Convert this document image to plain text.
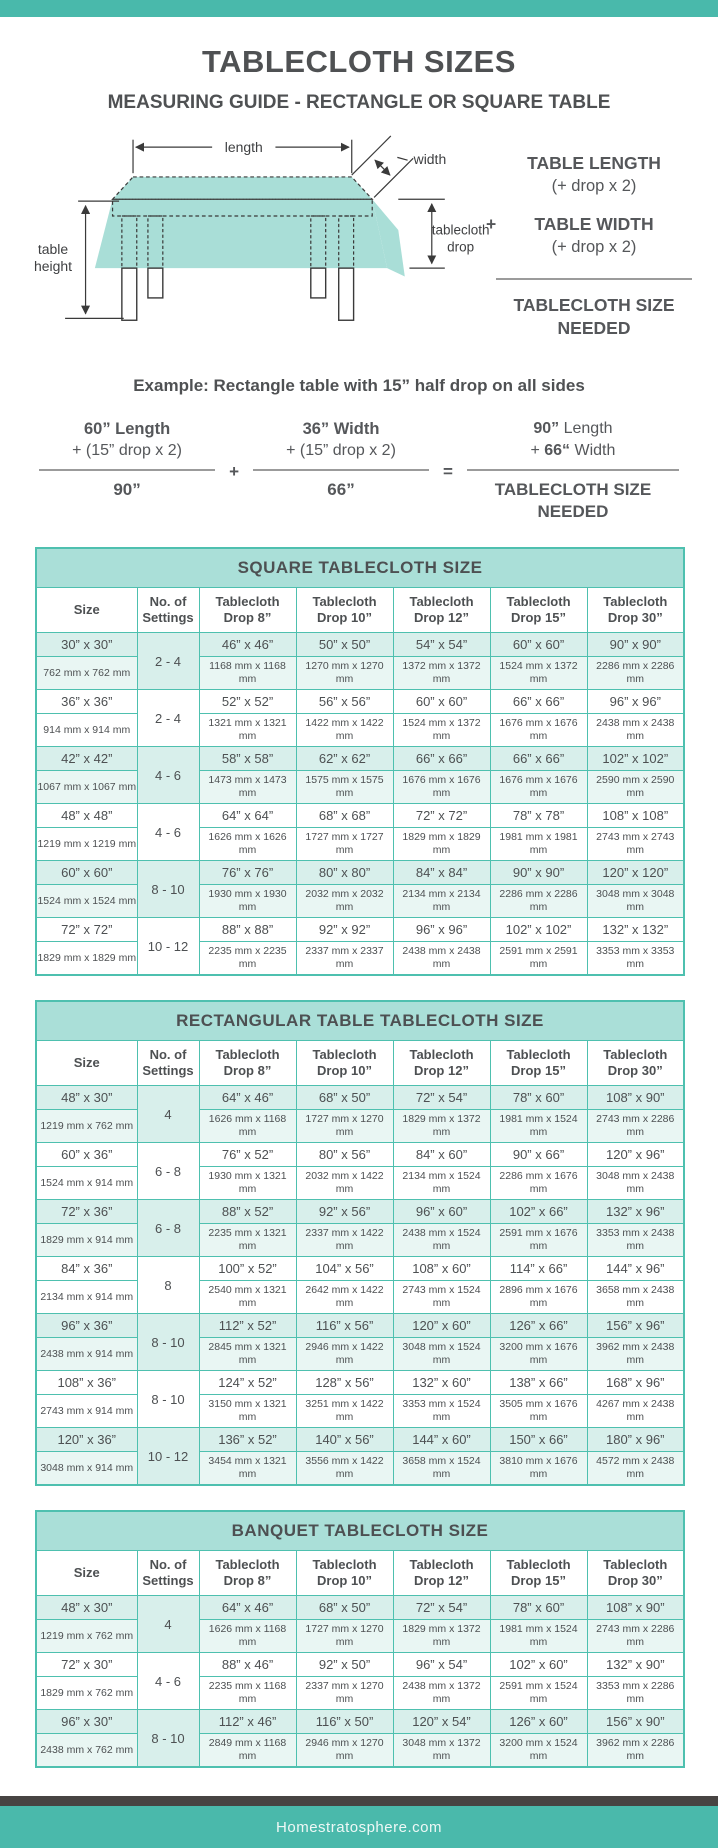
TABLECLOTH SIZES
MEASURING GUIDE - RECTANGLE OR SQUARE TABLE
length
width
tablecloth
drop
table
height
TABLE LENGTH
(+ drop x 2)
+ TABLE WIDTH
(+ drop x 2)
TABLECLOTH SIZE
NEEDED
Example: Rectangle table with 15” half drop on all sides
60” Length
+ (15” drop x 2)
90”
+
36” Width
+ (15” drop x 2)
66”
=
90” Length
+ 66“ Width
TABLECLOTH SIZE
NEEDED
SQUARE TABLECLOTH SIZE						
Size	No. of Settings	Tablecloth Drop 8”	Tablecloth Drop 10”	Tablecloth Drop 12”	Tablecloth Drop 15”	Tablecloth Drop 30”
30” x 30”	2 - 4	46” x 46”	50” x 50”	54” x 54”	60” x 60”	90” x 90”
762 mm x 762 mm		1168 mm x 1168 mm	1270 mm x 1270 mm	1372 mm x 1372 mm	1524 mm x 1372 mm	2286 mm x 2286 mm
36” x 36”	2 - 4	52” x 52”	56” x 56”	60” x 60”	66” x 66”	96” x 96”
914 mm x 914 mm		1321 mm x 1321 mm	1422 mm x 1422 mm	1524 mm x 1372 mm	1676 mm x 1676 mm	2438 mm x 2438 mm
42” x 42”	4 - 6	58” x 58”	62” x 62”	66” x 66”	66” x 66”	102” x 102”
1067 mm x 1067 mm		1473 mm x 1473 mm	1575 mm x 1575 mm	1676 mm x 1676 mm	1676 mm x 1676 mm	2590 mm x 2590 mm
48” x 48”	4 - 6	64” x 64”	68” x 68”	72” x 72”	78” x 78”	108” x 108”
1219 mm x 1219 mm		1626 mm x 1626 mm	1727 mm x 1727 mm	1829 mm x 1829 mm	1981 mm x 1981 mm	2743 mm x 2743 mm
60” x 60”	8 - 10	76” x 76”	80” x 80”	84” x 84”	90” x 90”	120” x 120”
1524 mm x 1524 mm		1930 mm x 1930 mm	2032 mm x 2032 mm	2134 mm x 2134 mm	2286 mm x 2286 mm	3048 mm x 3048 mm
72” x 72”	10 - 12	88” x 88”	92” x 92”	96” x 96”	102” x 102”	132” x 132”
1829 mm x 1829 mm		2235 mm x 2235 mm	2337 mm x 2337 mm	2438 mm x 2438 mm	2591 mm x 2591 mm	3353 mm x 3353 mm
RECTANGULAR TABLE TABLECLOTH SIZE						
Size	No. of Settings	Tablecloth Drop 8”	Tablecloth Drop 10”	Tablecloth Drop 12”	Tablecloth Drop 15”	Tablecloth Drop 30”
48” x 30”	4	64” x 46”	68” x 50”	72” x 54”	78” x 60”	108” x 90”
1219 mm x 762 mm		1626 mm x 1168 mm	1727 mm x 1270 mm	1829 mm x 1372 mm	1981 mm x 1524 mm	2743 mm x 2286 mm
60” x 36”	6 - 8	76” x 52”	80” x 56”	84” x 60”	90” x 66”	120” x 96”
1524 mm x 914 mm		1930 mm x 1321 mm	2032 mm x 1422 mm	2134 mm x 1524 mm	2286 mm x 1676 mm	3048 mm x 2438 mm
72” x 36”	6 - 8	88” x 52”	92” x 56”	96” x 60”	102” x 66”	132” x 96”
1829 mm x 914 mm		2235 mm x 1321 mm	2337 mm x 1422 mm	2438 mm x 1524 mm	2591 mm x 1676 mm	3353 mm x 2438 mm
84” x 36”	8	100” x 52”	104” x 56”	108” x 60”	114” x 66”	144” x 96”
2134 mm x 914 mm		2540 mm x 1321 mm	2642 mm x 1422 mm	2743 mm x 1524 mm	2896 mm x 1676 mm	3658 mm x 2438 mm
96” x 36”	8 - 10	112” x 52”	116” x 56”	120” x 60”	126” x 66”	156” x 96”
2438 mm x 914 mm		2845 mm x 1321 mm	2946 mm x 1422 mm	3048 mm x 1524 mm	3200 mm x 1676 mm	3962 mm x 2438 mm
108” x 36”	8 - 10	124” x 52”	128” x 56”	132” x 60”	138” x 66”	168” x 96”
2743 mm x 914 mm		3150 mm x 1321 mm	3251 mm x 1422 mm	3353 mm x 1524 mm	3505 mm x 1676 mm	4267 mm x 2438 mm
120” x 36”	10 - 12	136” x 52”	140” x 56”	144” x 60”	150” x 66”	180” x 96”
3048 mm x 914 mm		3454 mm x 1321 mm	3556 mm x 1422 mm	3658 mm x 1524 mm	3810 mm x 1676 mm	4572 mm x 2438 mm
BANQUET TABLECLOTH SIZE						
Size	No. of Settings	Tablecloth Drop 8”	Tablecloth Drop 10”	Tablecloth Drop 12”	Tablecloth Drop 15”	Tablecloth Drop 30”
48” x 30”	4	64” x 46”	68” x 50”	72” x 54”	78” x 60”	108” x 90”
1219 mm x 762 mm		1626 mm x 1168 mm	1727 mm x 1270 mm	1829 mm x 1372 mm	1981 mm x 1524 mm	2743 mm x 2286 mm
72” x 30”	4 - 6	88” x 46”	92” x 50”	96” x 54”	102” x 60”	132” x 90”
1829 mm x 762 mm		2235 mm x 1168 mm	2337 mm x 1270 mm	2438 mm x 1372 mm	2591 mm x 1524 mm	3353 mm x 2286 mm
96” x 30”	8 - 10	112” x 46”	116” x 50”	120” x 54”	126” x 60”	156” x 90”
2438 mm x 762 mm		2849 mm x 1168 mm	2946 mm x 1270 mm	3048 mm x 1372 mm	3200 mm x 1524 mm	3962 mm x 2286 mm
Homestratosphere.com
